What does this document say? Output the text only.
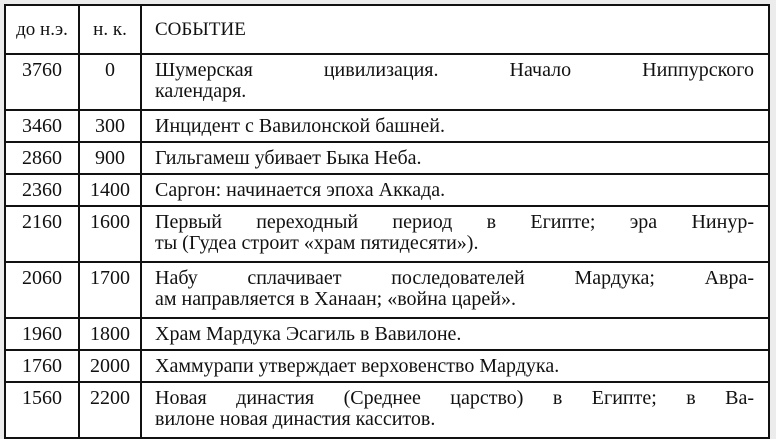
до н.э.	н. к.	СОБЫТИЕ
3760	0	Шумерская цивилизация. Начало Ниппурского
календаря.

3460	300	Инцидент с Вавилонской башней.

2860	900	Гильгамеш убивает Быка Неба.

2360	1400	Саргон: начинается эпоха Аккада.

2160	1600	Первый переходный период в Египте; эра Нинур-
ты (Гудеа строит «храм пятидесяти»).

2060	1700	Набу сплачивает последователей Мардука; Авра-
ам направляется в Ханаан; «война царей».

1960	1800	Храм Мардука Эсагиль в Вавилоне.

1760	2000	Хаммурапи утверждает верховенство Мардука.

1560	2200	Новая династия (Среднее царство) в Египте; в Ва-
вилоне новая династия касситов.
